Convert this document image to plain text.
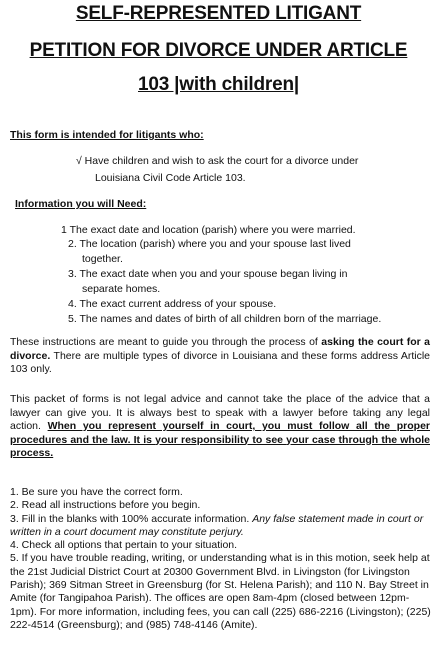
SELF-REPRESENTED LITIGANT
PETITION FOR DIVORCE UNDER ARTICLE
103 |with children|
This form is intended for litigants who:
√ Have children and wish to ask the court for a divorce under
Louisiana Civil Code Article 103.
Information you will Need:
1 The exact date and location (parish) where you were married.
2. The location (parish) where you and your spouse last lived
together.
3. The exact date when you and your spouse began living in
separate homes.
4. The exact current address of your spouse.
5. The names and dates of birth of all children born of the marriage.
These instructions are meant to guide you through the process of asking the court for a divorce. There are multiple types of divorce in Louisiana and these forms address Article 103 only.
This packet of forms is not legal advice and cannot take the place of the advice that a lawyer can give you. It is always best to speak with a lawyer before taking any legal action. When you represent yourself in court, you must follow all the proper procedures and the law. It is your responsibility to see your case through the whole process.
1. Be sure you have the correct form.
2. Read all instructions before you begin.
3. Fill in the blanks with 100% accurate information. Any false statement made in court or written in a court document may constitute perjury.
4. Check all options that pertain to your situation.
5. If you have trouble reading, writing, or understanding what is in this motion, seek help at the 21st Judicial District Court at 20300 Government Blvd. in Livingston (for Livingston Parish); 369 Sitman Street in Greensburg (for St. Helena Parish); and 110 N. Bay Street in Amite (for Tangipahoa Parish). The offices are open 8am-4pm (closed between 12pm-1pm). For more information, including fees, you can call (225) 686-2216 (Livingston); (225) 222-4514 (Greensburg); and (985) 748-4146 (Amite).
